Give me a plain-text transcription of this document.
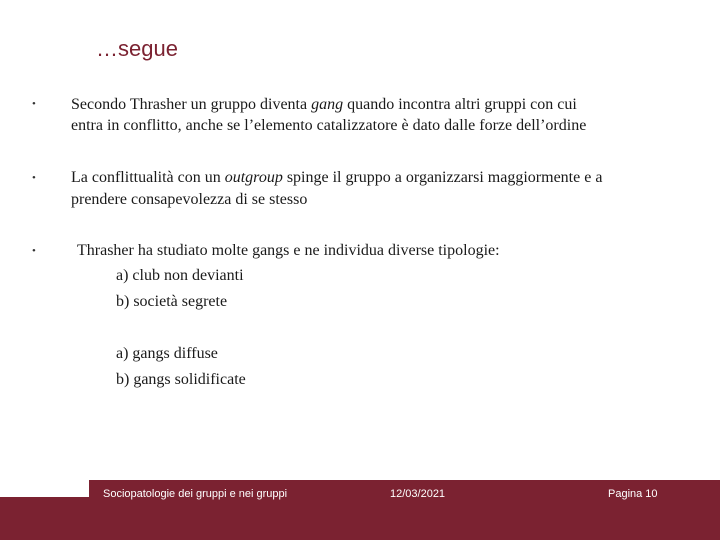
…segue
• Secondo Thrasher un gruppo diventa gang quando incontra altri gruppi con cui
entra in conflitto, anche se l’elemento catalizzatore è dato dalle forze dell’ordine
• La conflittualità con un outgroup spinge il gruppo a organizzarsi maggiormente e a
prendere consapevolezza di se stesso
•	Thrasher ha studiato molte gangs e ne individua diverse tipologie:
a) club non devianti
b) società segrete
a) gangs diffuse
b) gangs solidificate
Sociopatologie dei gruppi e nei gruppi	12/03/2021	Pagina 10
